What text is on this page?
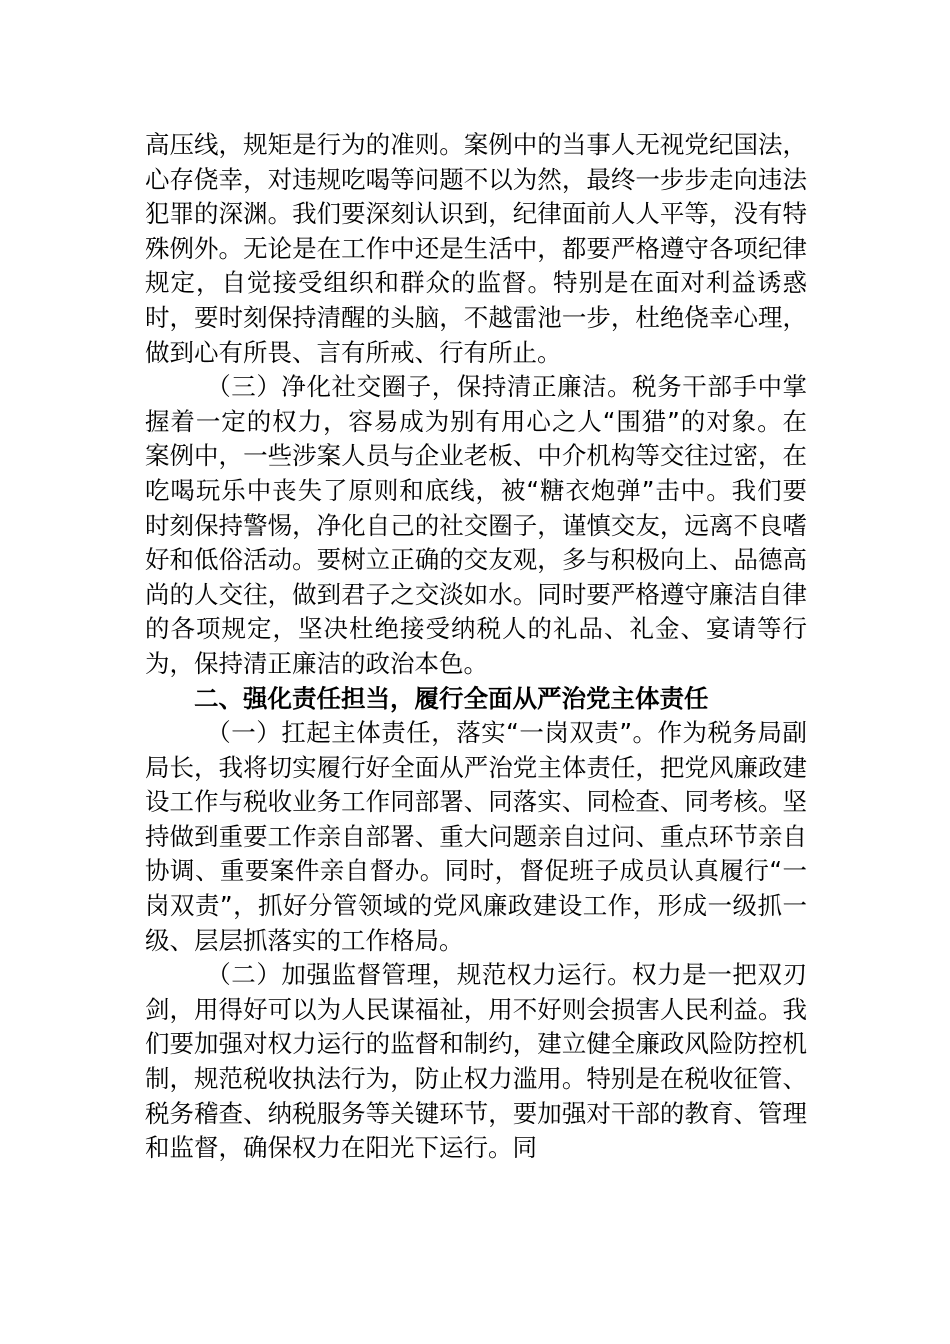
高压线，规矩是行为的准则。案例中的当事人无视党纪国法，心存侥幸，对违规吃喝等问题不以为然，最终一步步走向违法犯罪的深渊。我们要深刻认识到，纪律面前人人平等，没有特殊例外。无论是在工作中还是生活中，都要严格遵守各项纪律规定，自觉接受组织和群众的监督。特别是在面对利益诱惑时，要时刻保持清醒的头脑，不越雷池一步，杜绝侥幸心理，做到心有所畏、言有所戒、行有所止。

（三）净化社交圈子，保持清正廉洁。税务干部手中掌握着一定的权力，容易成为别有用心之人“围猎”的对象。在案例中，一些涉案人员与企业老板、中介机构等交往过密，在吃喝玩乐中丧失了原则和底线，被“糖衣炮弹”击中。我们要时刻保持警惕，净化自己的社交圈子，谨慎交友，远离不良嗜好和低俗活动。要树立正确的交友观，多与积极向上、品德高尚的人交往，做到君子之交淡如水。同时要严格遵守廉洁自律的各项规定，坚决杜绝接受纳税人的礼品、礼金、宴请等行为，保持清正廉洁的政治本色。

二、强化责任担当，履行全面从严治党主体责任

（一）扛起主体责任，落实“一岗双责”。作为税务局副局长，我将切实履行好全面从严治党主体责任，把党风廉政建设工作与税收业务工作同部署、同落实、同检查、同考核。坚持做到重要工作亲自部署、重大问题亲自过问、重点环节亲自协调、重要案件亲自督办。同时，督促班子成员认真履行“一岗双责”，抓好分管领域的党风廉政建设工作，形成一级抓一级、层层抓落实的工作格局。

（二）加强监督管理，规范权力运行。权力是一把双刃剑，用得好可以为人民谋福祉，用不好则会损害人民利益。我们要加强对权力运行的监督和制约，建立健全廉政风险防控机制，规范税收执法行为，防止权力滥用。特别是在税收征管、税务稽查、纳税服务等关键环节，要加强对干部的教育、管理和监督，确保权力在阳光下运行。同
